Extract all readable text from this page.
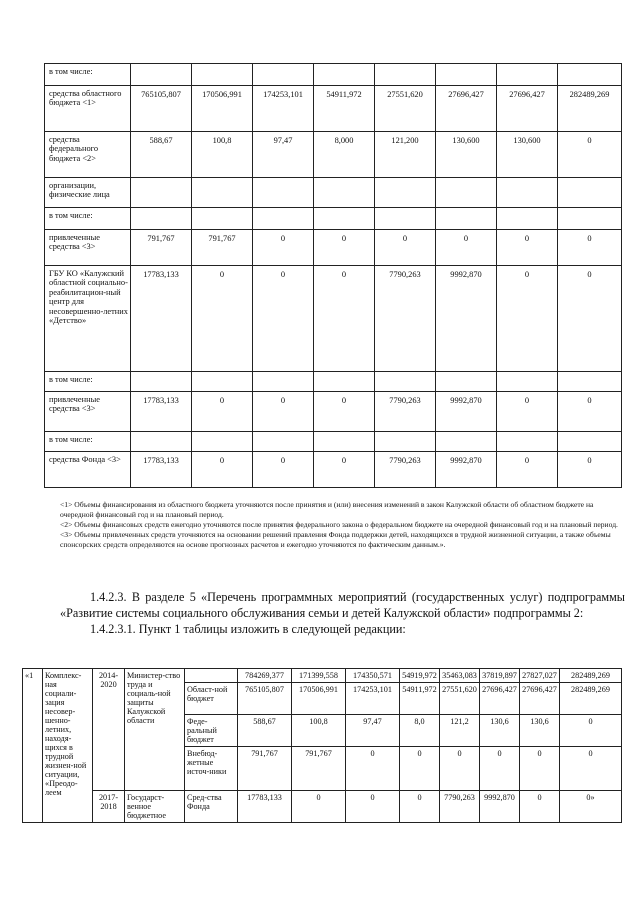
в том числе:								
средства областного бюджета <1>	765105,807	170506,991	174253,101	54911,972	27551,620	27696,427	27696,427	282489,269
средства федерального бюджета <2>	588,67	100,8	97,47	8,000	121,200	130,600	130,600	0
организации, физические лица								
в том числе:								
привлеченные средства <3>	791,767	791,767	0	0	0	0	0	0
ГБУ КО «Калужский областной социально-реабилитацион-ный центр для несовершенно-летних «Детство»	17783,133	0	0	0	7790,263	9992,870	0	0
в том числе:								
привлеченные средства <3>	17783,133	0	0	0	7790,263	9992,870	0	0
в том числе:								
средства Фонда <3>	17783,133	0	0	0	7790,263	9992,870	0	0

<1> Объемы финансирования из областного бюджета уточняются после принятия и (или) внесения изменений в закон Калужской области об областном бюджете на очередной финансовый год и на плановый период.

<2> Объемы финансовых средств ежегодно уточняются после принятия федерального закона о федеральном бюджете на очередной финансовый год и на плановый период.

<3> Объемы привлеченных средств уточняются на основании решений правления Фонда поддержки детей, находящихся в трудной жизненной ситуации, а также объемы спонсорских средств определяются на основе прогнозных расчетов и ежегодно уточняются по фактическим данным.».

1.4.2.3. В разделе 5 «Перечень программных мероприятий (государственных услуг) подпрограммы «Развитие системы социального обслуживания семьи и детей Калужской области» подпрограммы 2:

1.4.2.3.1. Пункт 1 таблицы изложить в следующей редакции:

«1	Комплекс-ная социали-зация несовер-шенно-летних, находя-щихся в трудной жизнен-ной ситуации, «Преодо-леем	2014-2020	Министер-ство труда и социаль-ной защиты Калужской области		784269,377	171399,558	174350,571	54919,972	35463,083	37819,897	27827,027	282489,269
				Област-ной бюджет	765105,807	170506,991	174253,101	54911,972	27551,620	27696,427	27696,427	282489,269
				Феде-ральный бюджет	588,67	100,8	97,47	8,0	121,2	130,6	130,6	0
				Внебюд-жетные источ-ники	791,767	791,767	0	0	0	0	0	0
		2017-2018	Государст-венное бюджетное	Сред-ства Фонда	17783,133	0	0	0	7790,263	9992,870	0	0»
